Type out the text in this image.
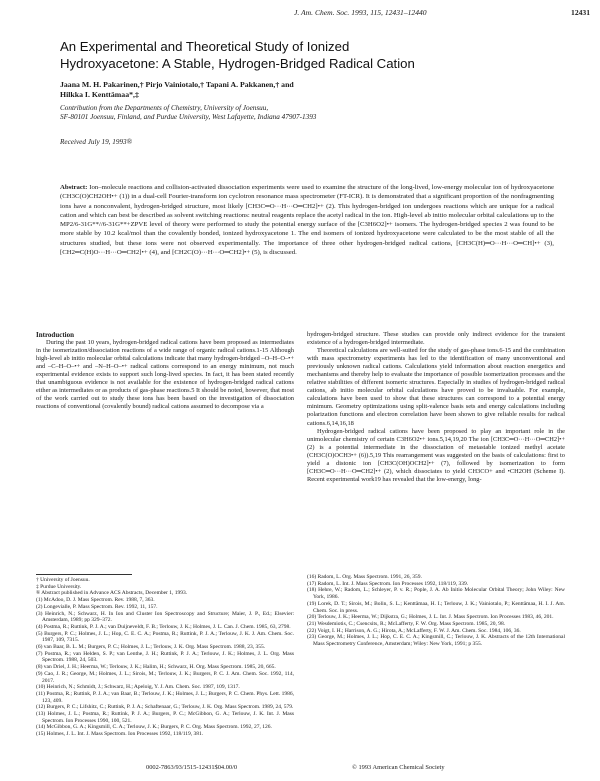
J. Am. Chem. Soc. 1993, 115, 12431–12440	12431
An Experimental and Theoretical Study of Ionized
Hydroxyacetone: A Stable, Hydrogen-Bridged Radical Cation
Jaana M. H. Pakarinen,† Pirjo Vainiotalo,† Tapani A. Pakkanen,† and
Hilkka I. Kenttämaa*,‡
Contribution from the Departments of Chemistry, University of Joensuu,
SF-80101 Joensuu, Finland, and Purdue University, West Lafayette, Indiana 47907-1393
Received July 19, 1993®
Abstract: Ion–molecule reactions and collision-activated dissociation experiments were used to examine the structure of the long-lived, low-energy molecular ion of hydroxyacetone (CH3C(O)CH2OH•+ (1)) in a dual-cell Fourier-transform ion cyclotron resonance mass spectrometer (FT-ICR). It is demonstrated that a significant proportion of the nonfragmenting ions have a nonconvalent, hydrogen-bridged structure, most likely [CH3C═O···H···O═CH2]•+ (2). This hydrogen-bridged ion undergoes reactions which are unique for a radical cation and which can best be described as solvent switching reactions: neutral reagents replace the acetyl radical in the ion. High-level ab initio molecular orbital calculations up to the MP2/6-31G**//6-31G**+ZPVE level of theory were performed to study the potential energy surface of the [C3H6O2]•+ isomers. The hydrogen-bridged species 2 was found to be more stable by 10.2 kcal/mol than the covalently bonded, ionized hydroxyacetone 1. The end isomers of ionized hydroxyacetone were calculated to be the most stable of all the structures studied, but these ions were not observed experimentally. The importance of three other hydrogen-bridged radical cations, [CH3C(H)═O···H···O═CH]•+ (3), [CH2═C(H)O···H···O═CH2]•+ (4), and [CH2C(O)···H···O═CH2]•+ (5), is discussed.

Introduction

During the past 10 years, hydrogen-bridged radical cations have been proposed as intermediates in the isomerization/dissociation reactions of a wide range of organic radical cations.1-15 Although high-level ab initio molecular orbital calculations indicate that many hydrogen-bridged –O–H–O–•+ and –C–H–O–•+ and –N–H–O–•+ radical cations correspond to an energy minimum, not much experimental evidence exists to support such long-lived species. In fact, it has been stated recently that unambiguous evidence is not available for the existence of hydrogen-bridged radical cations either as intermediates or as products of gas-phase reactions.5 It should be noted, however, that most of the work carried out to study these ions has been based on the investigation of dissociation reactions of conventional (covalently bound) radical cations assumed to decompose via a

hydrogen-bridged structure. These studies can provide only indirect evidence for the transient existence of a hydrogen-bridged intermediate.

Theoretical calculations are well-suited for the study of gas-phase ions.6-15 and the combination with mass spectrometry experiments has led to the identification of many unconventional and previously unknown radical cations. Calculations yield information about reaction energetics and mechanisms and thereby help to evaluate the importance of possible isomerization processes and the relative stabilities of different isomeric structures. Especially in studies of hydrogen-bridged radical cations, ab initio molecular orbital calculations have proved to be invaluable. For example, calculations have been used to show that these structures can correspond to a potential energy minimum. Geometry optimizations using split-valence basis sets and energy calculations including polarization functions and electron correlation have been shown to give reliable results for radical cations.6,14,16,18

Hydrogen-bridged radical cations have been proposed to play an important role in the unimolecular chemistry of certain C3H6O2•+ ions.5,14,19,20 The ion [CH3C═O···H···O═CH2]•+ (2) is a potential intermediate in the dissociation of metastable ionized methyl acetate (CH3C(O)OCH3•+ (6)).5,19 This rearrangement was suggested on the basis of calculations: first to yield a distonic ion [CH3C(OH)OCH2]•+ (7), followed by isomerization to form [CH3C═O···H···O═CH2]•+ (2), which dissociates to yield CH3CO+ and •CH2OH (Scheme I). Recent experimental work19 has revealed that the low-energy, long-

† University of Joensuu.
‡ Purdue University.
® Abstract published in Advance ACS Abstracts, December 1, 1993.
(1) McAdoo, D. J. Mass Spectrom. Rev. 1988, 7, 363.
(2) Longevialle, P. Mass Spectrom. Rev. 1992, 11, 157.
(3) Heinrich, N.; Schwarz, H. In Ion and Cluster Ion Spectroscopy and Structure; Maier, J. P., Ed.; Elsevier: Amsterdam, 1989; pp 329–372.
(4) Postma, R.; Ruttink, P. J. A.; van Duijneveldt, F. B.; Terlouw, J. K.; Holmes, J. L. Can. J. Chem. 1985, 63, 2798.
(5) Burgers, P. C.; Holmes, J. L.; Hop, C. E. C. A.; Postma, R.; Ruttink, P. J. A.; Terlouw, J. K. J. Am. Chem. Soc. 1987, 109, 7315.
(6) van Baar, B. L. M.; Burgers, P. C.; Holmes, J. L.; Terlouw, J. K. Org. Mass Spectrom. 1988, 23, 355.
(7) Postma, R.; van Helden, S. P.; van Lenthe, J. H.; Ruttink, P. J. A.; Terlouw, J. K.; Holmes, J. L. Org. Mass Spectrom. 1988, 24, 503.
(8) van Driel, J. H.; Heerma, W.; Terlouw, J. K.; Halim, H.; Schwarz, H. Org. Mass Spectrom. 1985, 20, 665.
(9) Cao, J. R.; George, M.; Holmes, J. L.; Sirois, M.; Terlouw, J. K.; Burgers, P. C. J. Am. Chem. Soc. 1992, 114, 2017.
(10) Heinrich, N.; Schmidt, J.; Schwarz, H.; Apeloig, Y. J. Am. Chem. Soc. 1987, 109, 1317.
(11) Postma, R.; Ruttink, P. J. A.; van Baar, B.; Terlouw, J. K.; Holmes, J. L.; Burgers, P. C. Chem. Phys. Lett. 1986, 123, 409.
(12) Burgers, P. C.; Lifshitz, C.; Ruttink, P. J. A.; Schaftenaar, G.; Terlouw, J. K. Org. Mass Spectrom. 1989, 24, 579.
(13) Holmes, J. L.; Postma, R.; Ruttink, P. J. A.; Burgers, P. C.; McGibbon, G. A.; Terlouw, J. K. Int. J. Mass Spectrom. Ion Processes 1990, 100, 521.
(14) McGibbon, G. A.; Kingsmill, C. A.; Terlouw, J. K.; Burgers, P. C. Org. Mass Spectrom. 1992, 27, 126.
(15) Holmes, J. L. Int. J. Mass Spectrom. Ion Processes 1992, 118/119, 381.
(16) Radom, L. Org. Mass Spectrom. 1991, 26, 359.
(17) Radom, L. Int. J. Mass Spectrom. Ion Processes 1992, 118/119, 339.
(18) Hehre, W.; Radom, L.; Schleyer, P. v. R.; Pople, J. A. Ab Initio Molecular Orbital Theory; John Wiley: New York, 1986.
(19) Lorek, D. T.; Sirois, M.; Bolin, S. L.; Kenttämaa, H. I.; Terlouw, J. K.; Vainiotalo, P.; Kenttämaa, H. I. J. Am. Chem. Soc. in press.
(20) Terlouw, J. K.; Heerma, W.; Dijkstra, G.; Holmes, J. L. Int. J. Mass Spectrom. Ion Processes 1983, 46, 201.
(21) Wesdemiotis, C.; Csencsits, R.; McLafferty, F. W. Org. Mass Spectrom. 1985, 20, 98.
(22) Voigt, I. H.; Harrison, A. G.; Hirota, A.; McLafferty, F. W. J. Am. Chem. Soc. 1984, 106, 36.
(23) George, M.; Holmes, J. L.; Hop, C. E. C. A.; Kingsmill, C.; Terlouw, J. K. Abstracts of the 12th International Mass Spectrometry Conference, Amsterdam; Wiley: New York, 1991; p 355.
0002-7863/93/1515-12431$04.00/0	© 1993 American Chemical Society
